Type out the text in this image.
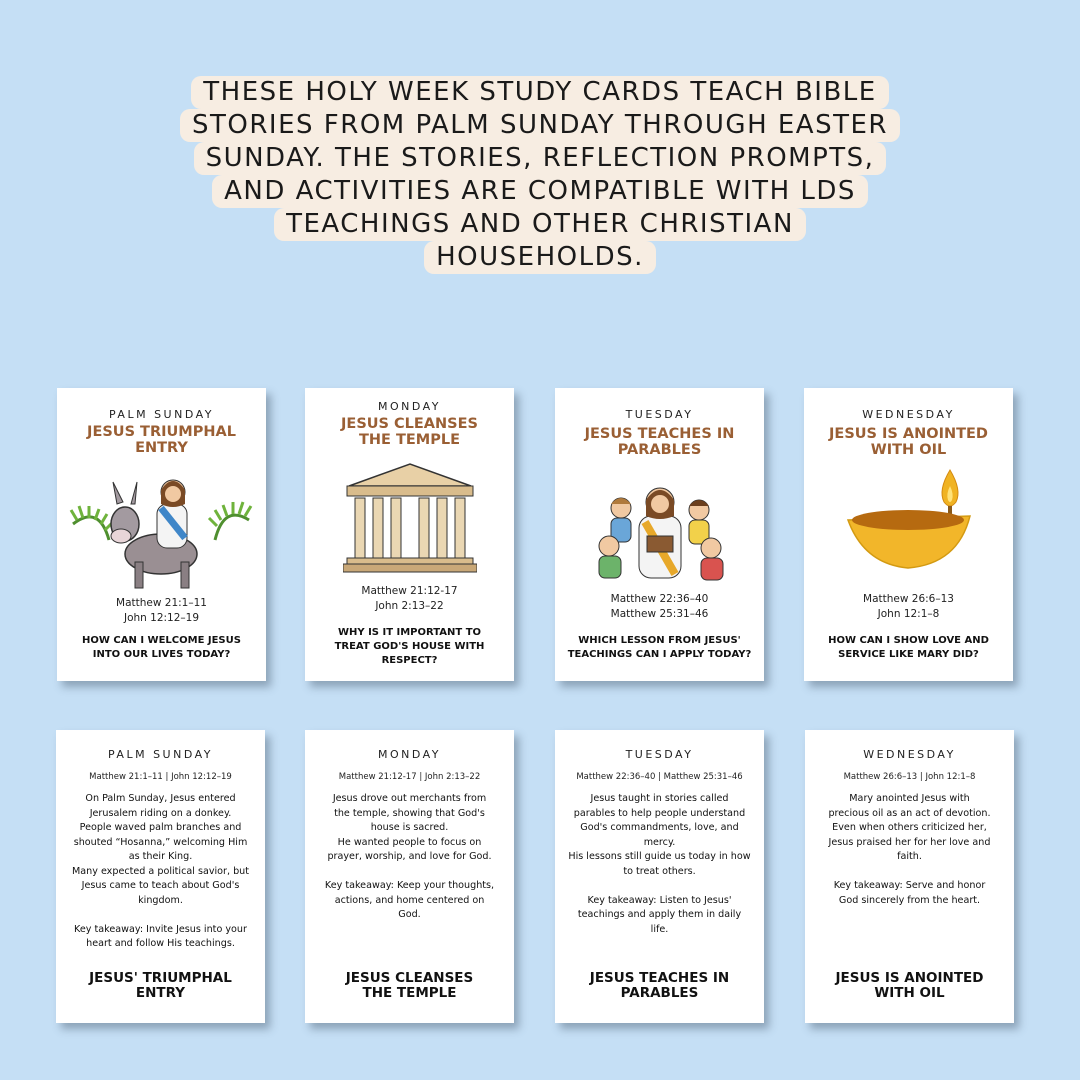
THESE HOLY WEEK STUDY CARDS TEACH BIBLE
STORIES FROM PALM SUNDAY THROUGH EASTER
SUNDAY. THE STORIES, REFLECTION PROMPTS,
AND ACTIVITIES ARE COMPATIBLE WITH LDS
TEACHINGS AND OTHER CHRISTIAN
HOUSEHOLDS.
PALM SUNDAY
JESUS TRIUMPHAL
ENTRY
Matthew 21:1–11
John 12:12–19
HOW CAN I WELCOME JESUS
INTO OUR LIVES TODAY?
MONDAY
JESUS CLEANSES
THE TEMPLE
Matthew 21:12-17
John 2:13–22
WHY IS IT IMPORTANT TO
TREAT GOD'S HOUSE WITH
RESPECT?
TUESDAY
JESUS TEACHES IN
PARABLES
Matthew 22:36–40
Matthew 25:31–46
WHICH LESSON FROM JESUS'
TEACHINGS CAN I APPLY TODAY?
WEDNESDAY
JESUS IS ANOINTED
WITH OIL
Matthew 26:6–13
John 12:1–8
HOW CAN I SHOW LOVE AND
SERVICE LIKE MARY DID?
PALM SUNDAY
Matthew 21:1–11 | John 12:12–19
On Palm Sunday, Jesus entered
Jerusalem riding on a donkey.
People waved palm branches and
shouted “Hosanna,” welcoming Him
as their King.
Many expected a political savior, but
Jesus came to teach about God's
kingdom.

Key takeaway: Invite Jesus into your
heart and follow His teachings.
JESUS' TRIUMPHAL
ENTRY
MONDAY
Matthew 21:12-17 | John 2:13–22
Jesus drove out merchants from
the temple, showing that God's
house is sacred.
He wanted people to focus on
prayer, worship, and love for God.

Key takeaway: Keep your thoughts,
actions, and home centered on
God.
JESUS CLEANSES
THE TEMPLE
TUESDAY
Matthew 22:36–40 | Matthew 25:31–46
Jesus taught in stories called
parables to help people understand
God's commandments, love, and
mercy.
His lessons still guide us today in how
to treat others.

Key takeaway: Listen to Jesus'
teachings and apply them in daily
life.
JESUS TEACHES IN
PARABLES
WEDNESDAY
Matthew 26:6–13 | John 12:1–8
Mary anointed Jesus with
precious oil as an act of devotion.
Even when others criticized her,
Jesus praised her for her love and
faith.

Key takeaway: Serve and honor
God sincerely from the heart.
JESUS IS ANOINTED
WITH OIL
